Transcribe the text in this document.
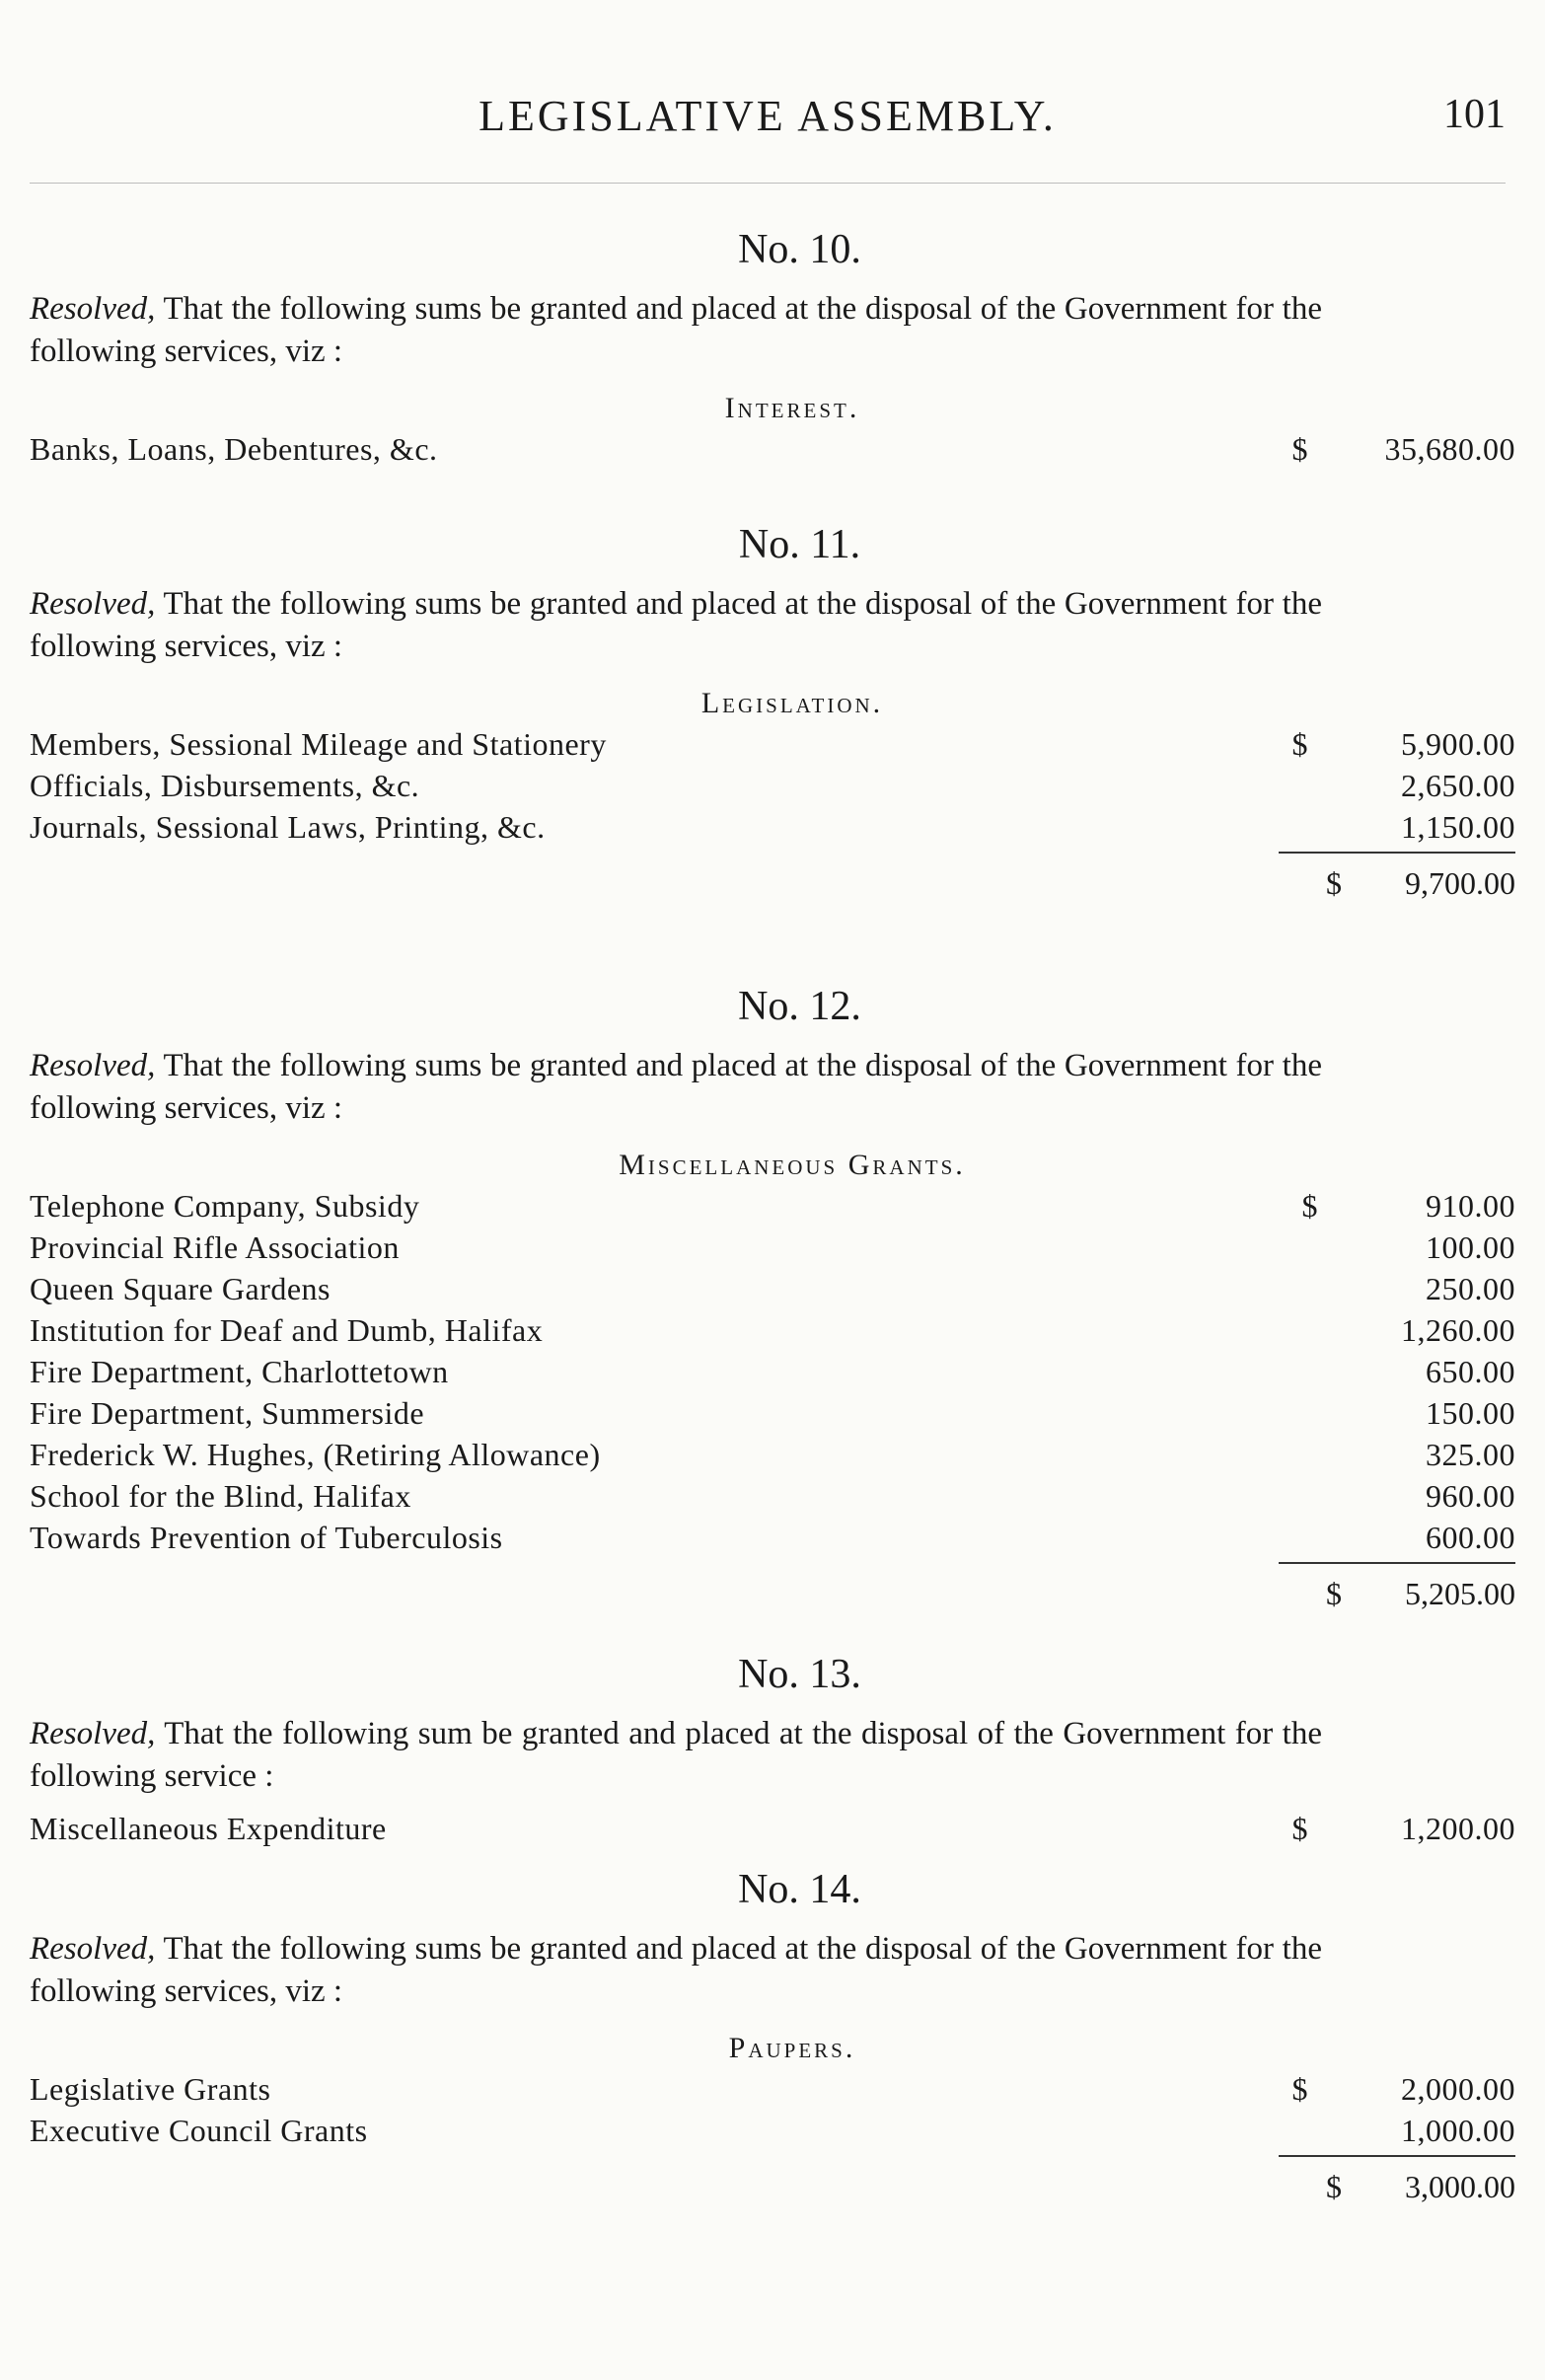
LEGISLATIVE ASSEMBLY.	101
No. 10.
Resolved, That the following sums be granted and placed at the disposal of the Government for the following services, viz :
Interest.
Banks, Loans, Debentures, &c.	$	35,680.00
No. 11.
Resolved, That the following sums be granted and placed at the disposal of the Government for the following services, viz :
Legislation.
Members, Sessional Mileage and Stationery	$	5,900.00
Officials, Disbursements, &c.	2,650.00
Journals, Sessional Laws, Printing, &c.	1,150.00
$ 9,700.00
No. 12.
Resolved, That the following sums be granted and placed at the disposal of the Government for the following services, viz :
Miscellaneous Grants.
Telephone Company, Subsidy	$	910.00
Provincial Rifle Association	100.00
Queen Square Gardens	250.00
Institution for Deaf and Dumb, Halifax	1,260.00
Fire Department, Charlottetown	650.00
Fire Department, Summerside	150.00
Frederick W. Hughes, (Retiring Allowance)	325.00
School for the Blind, Halifax	960.00
Towards Prevention of Tuberculosis	600.00
$ 5,205.00
No. 13.
Resolved, That the following sum be granted and placed at the disposal of the Government for the following service :
Miscellaneous Expenditure	$	1,200.00
No. 14.
Resolved, That the following sums be granted and placed at the disposal of the Government for the following services, viz :
Paupers.
Legislative Grants	$	2,000.00
Executive Council Grants	1,000.00
$ 3,000.00
